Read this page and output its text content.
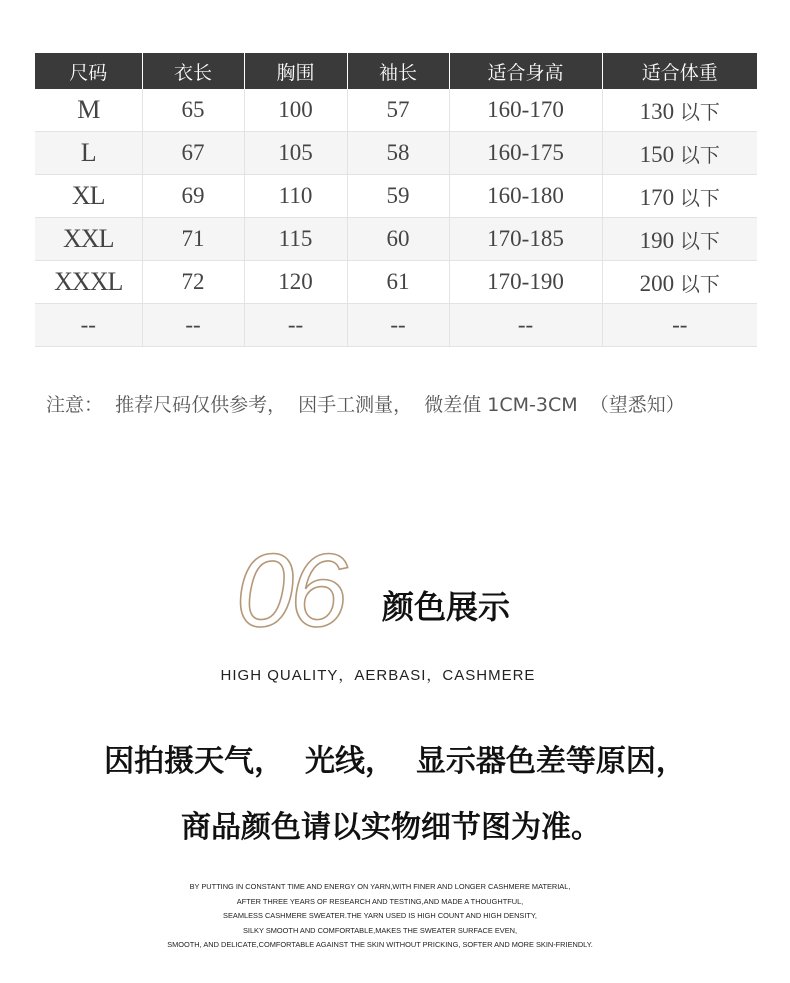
尺码	衣长	胸围	袖长	适合身高	适合体重
M	65	100	57	160-170	130 以下
L	67	105	58	160-175	150 以下
XL	69	110	59	160-180	170 以下
XXL	71	115	60	170-185	190 以下
XXXL	72	120	61	170-190	200 以下
--	--	--	--	--	--
注意：  推荐尺码仅供参考，  因手工测量，  微差值 1CM-3CM  （望悉知）
06 颜色展示
HIGH QUALITY，AERBASI，CASHMERE
因拍摄天气，  光线，  显示器色差等原因，
商品颜色请以实物细节图为准。
BY PUTTING IN CONSTANT TIME AND ENERGY ON YARN,WITH FINER AND LONGER CASHMERE MATERIAL,
AFTER THREE YEARS OF RESEARCH AND TESTING,AND MADE A THOUGHTFUL,
SEAMLESS CASHMERE SWEATER.THE YARN USED IS HIGH COUNT AND HIGH DENSITY,
SILKY SMOOTH AND COMFORTABLE,MAKES THE SWEATER SURFACE EVEN,
SMOOTH, AND DELICATE,COMFORTABLE AGAINST THE SKIN WITHOUT PRICKING, SOFTER AND MORE SKIN-FRIENDLY.
